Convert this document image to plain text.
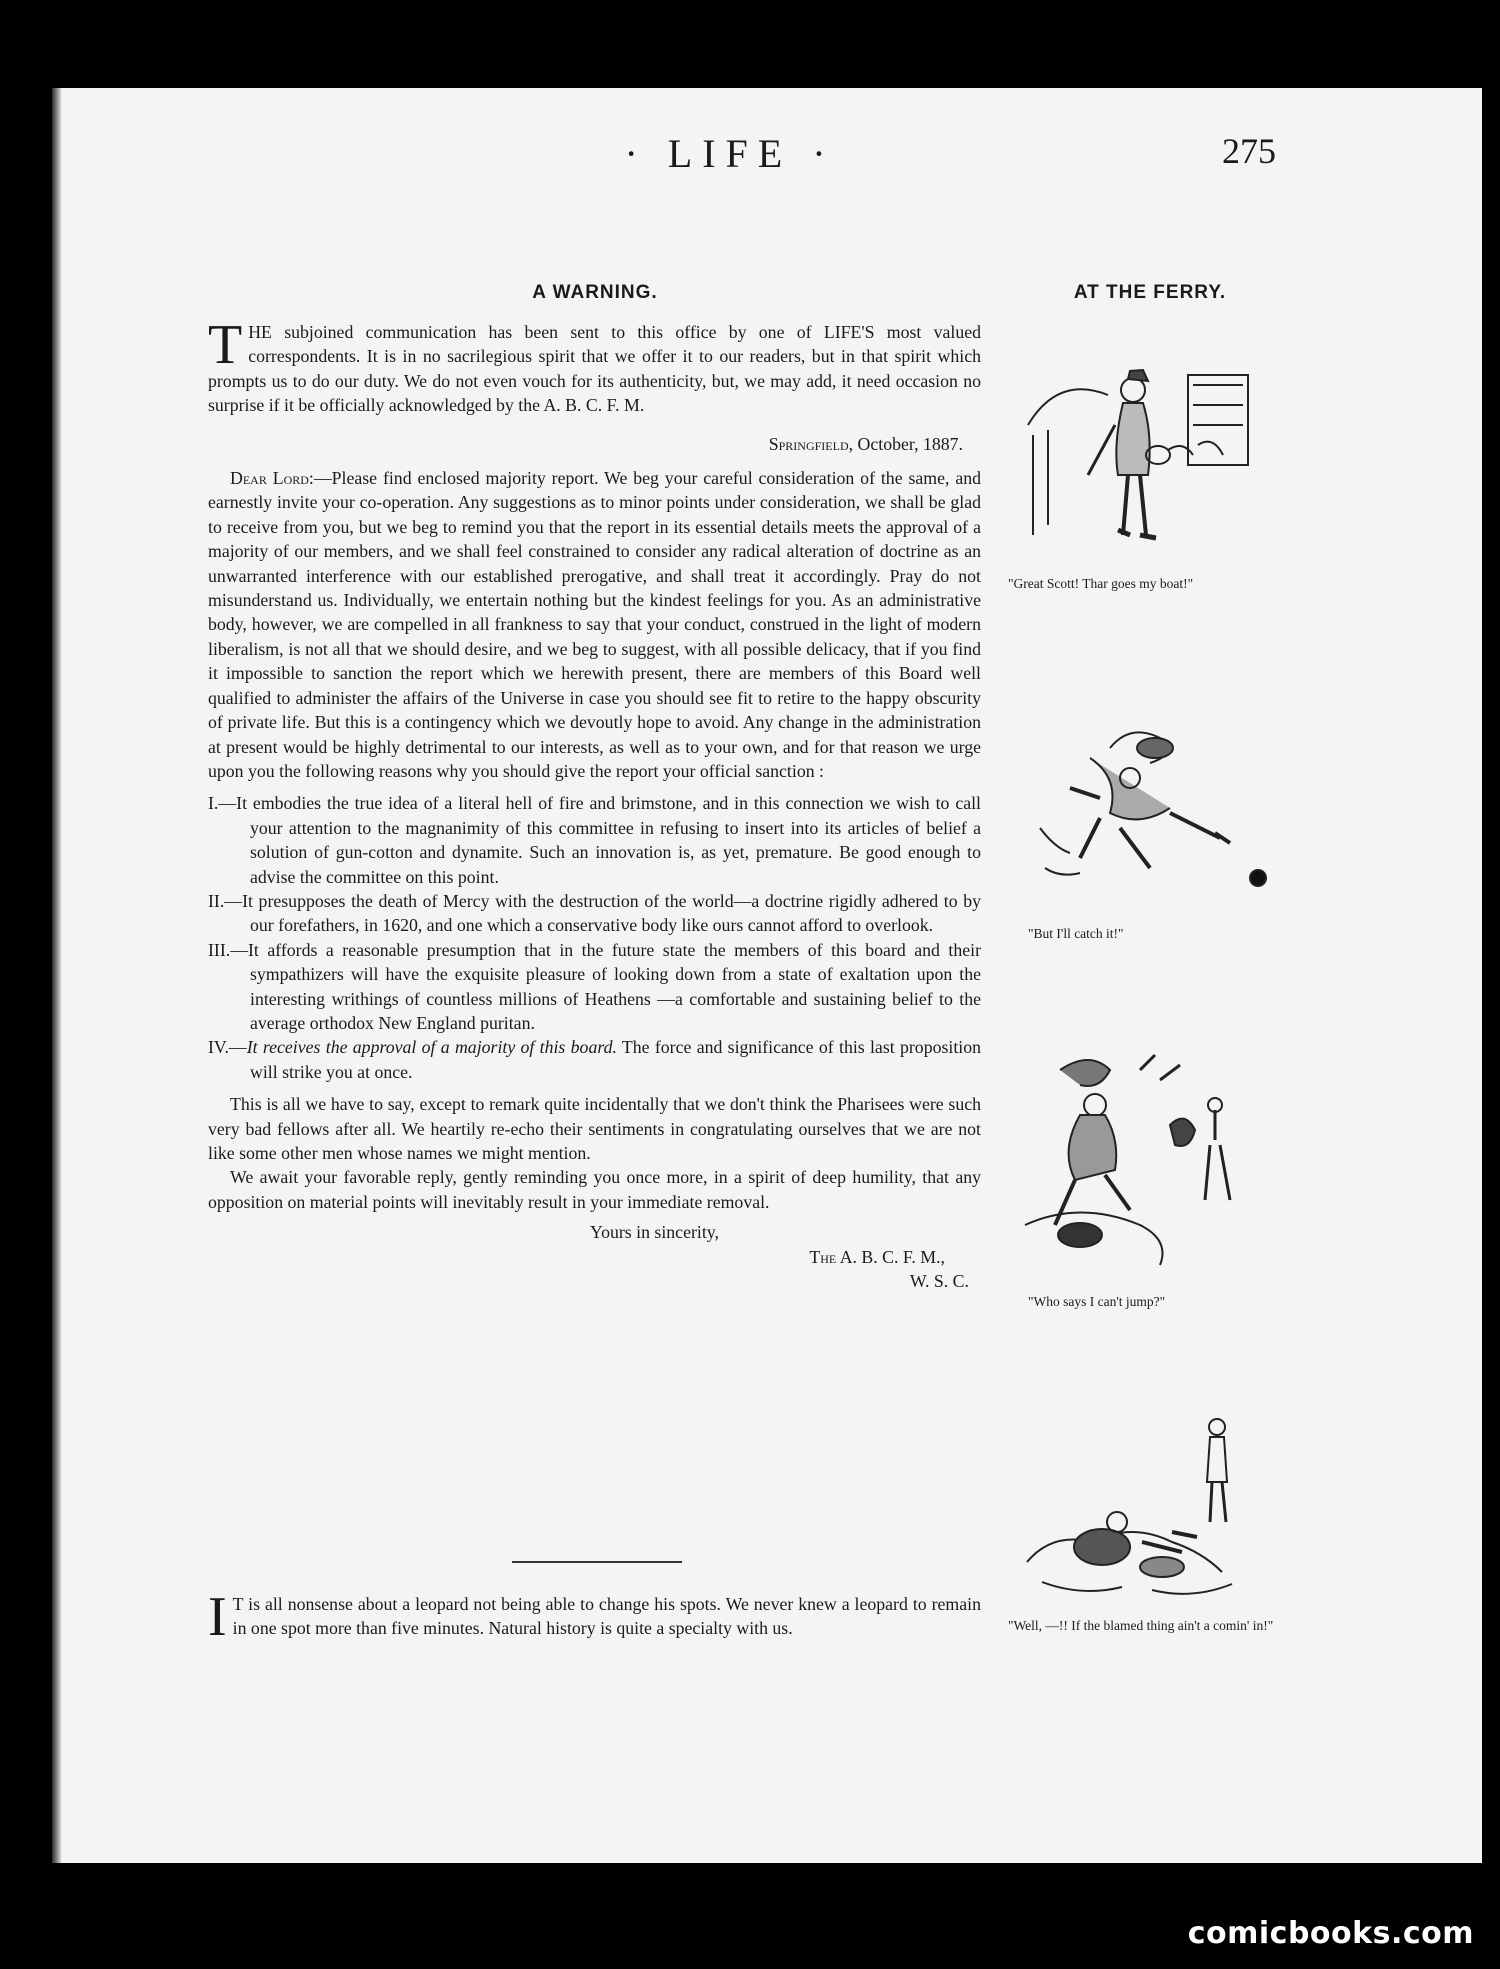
· LIFE ·	275
A WARNING.	AT THE FERRY.

THE subjoined communication has been sent to this office by one of LIFE'S most valued correspondents. It is in no sacrilegious spirit that we offer it to our readers, but in that spirit which prompts us to do our duty. We do not even vouch for its authenticity, but, we may add, it need occasion no surprise if it be officially acknowledged by the A. B. C. F. M.

Springfield, October, 1887.

Dear Lord:—Please find enclosed majority report. We beg your careful consideration of the same, and earnestly invite your co-operation. Any suggestions as to minor points under consideration, we shall be glad to receive from you, but we beg to remind you that the report in its essential details meets the approval of a majority of our members, and we shall feel constrained to consider any radical alteration of doctrine as an unwarranted interference with our established prerogative, and shall treat it accordingly. Pray do not misunderstand us. Individually, we entertain nothing but the kindest feelings for you. As an administrative body, however, we are compelled in all frankness to say that your conduct, construed in the light of modern liberalism, is not all that we should desire, and we beg to suggest, with all possible delicacy, that if you find it impossible to sanction the report which we herewith present, there are members of this Board well qualified to administer the affairs of the Universe in case you should see fit to retire to the happy obscurity of private life. But this is a contingency which we devoutly hope to avoid. Any change in the administration at present would be highly detrimental to our interests, as well as to your own, and for that reason we urge upon you the following reasons why you should give the report your official sanction :

I.—It embodies the true idea of a literal hell of fire and brimstone, and in this connection we wish to call your attention to the magnanimity of this committee in refusing to insert into its articles of belief a solution of gun-cotton and dynamite. Such an innovation is, as yet, premature. Be good enough to advise the committee on this point.

II.—It presupposes the death of Mercy with the destruction of the world—a doctrine rigidly adhered to by our forefathers, in 1620, and one which a conservative body like ours cannot afford to overlook.

III.—It affords a reasonable presumption that in the future state the members of this board and their sympathizers will have the exquisite pleasure of looking down from a state of exaltation upon the interesting writhings of countless millions of Heathens —a comfortable and sustaining belief to the average orthodox New England puritan.

IV.—It receives the approval of a majority of this board. The force and significance of this last proposition will strike you at once.

This is all we have to say, except to remark quite incidentally that we don't think the Pharisees were such very bad fellows after all. We heartily re-echo their sentiments in congratulating ourselves that we are not like some other men whose names we might mention.

We await your favorable reply, gently reminding you once more, in a spirit of deep humility, that any opposition on material points will inevitably result in your immediate removal.

Yours in sincerity,

The A. B. C. F. M.,

W. S. C.

I T is all nonsense about a leopard not being able to change his spots. We never knew a leopard to remain in one spot more than five minutes. Natural history is quite a specialty with us.

"Great Scott! Thar goes my boat!"
"But I'll catch it!"
"Who says I can't jump?"
"Well, —!! If the blamed thing ain't a comin' in!"
comicbooks.com
